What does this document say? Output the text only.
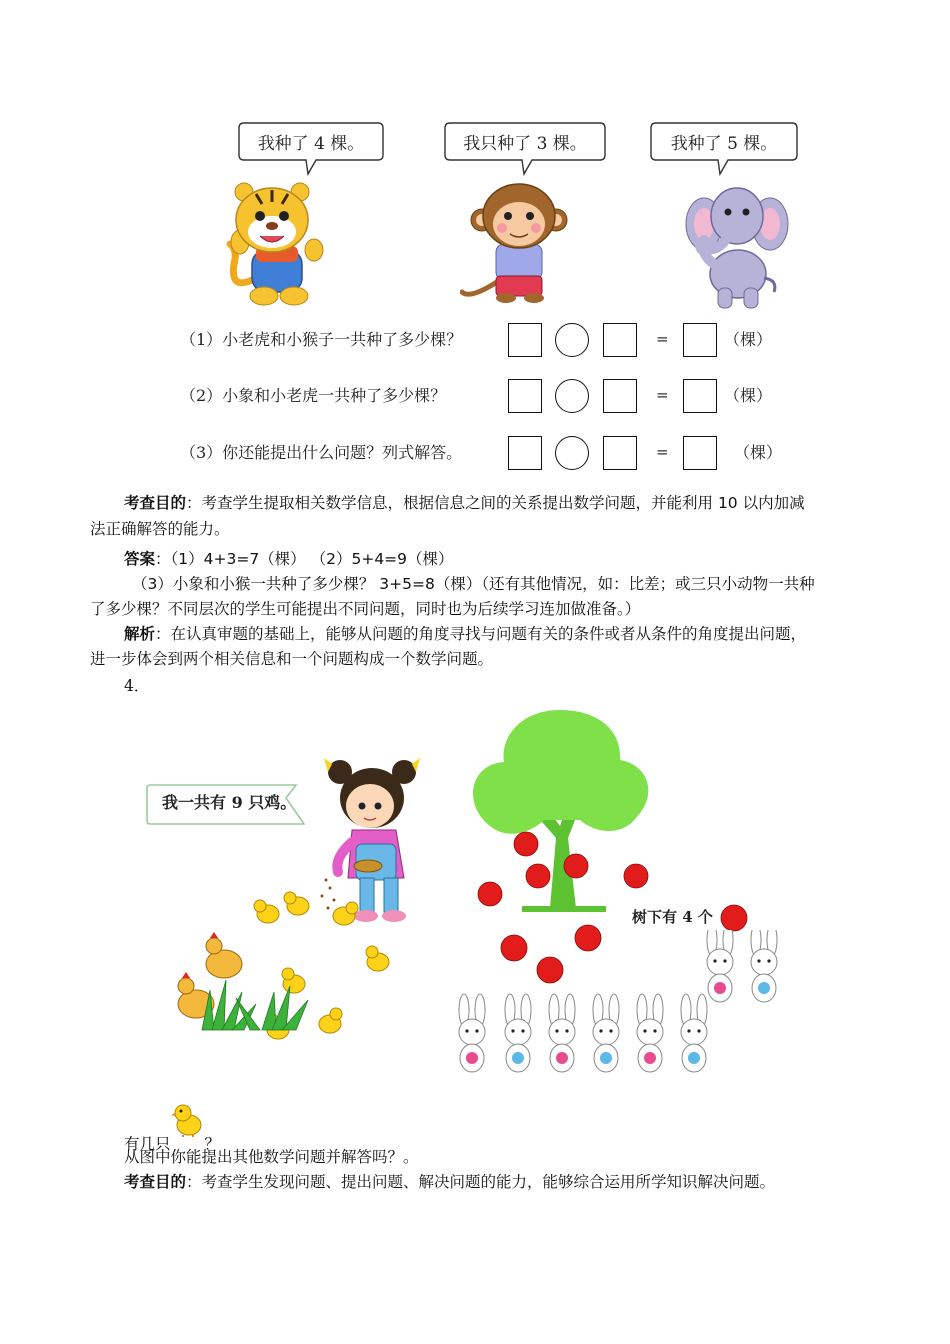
我种了 4 棵。	我只种了 3 棵。	我种了 5 棵。
（1）小老虎和小猴子一共种了多少棵？	=	（棵）
（2）小象和小老虎一共种了多少棵？	=	（棵）
（3）你还能提出什么问题？列式解答。	=	（棵）
考查目的：考查学生提取相关数学信息，根据信息之间的关系提出数学问题，并能利用 10 以内加减
法正确解答的能力。
答案：（1）4+3=7（棵） （2）5+4=9（棵）
（3）小象和小猴一共种了多少棵？ 3+5=8（棵）（还有其他情况，如：比差；或三只小动物一共种
了多少棵？不同层次的学生可能提出不同问题，同时也为后续学习连加做准备。）
解析：在认真审题的基础上，能够从问题的角度寻找与问题有关的条件或者从条件的角度提出问题，
进一步体会到两个相关信息和一个问题构成一个数学问题。
4．
我一共有 9 只鸡。
树下有 4 个
有几只 ？
从图中你能提出其他数学问题并解答吗？。
考查目的：考查学生发现问题、提出问题、解决问题的能力，能够综合运用所学知识解决问题。
